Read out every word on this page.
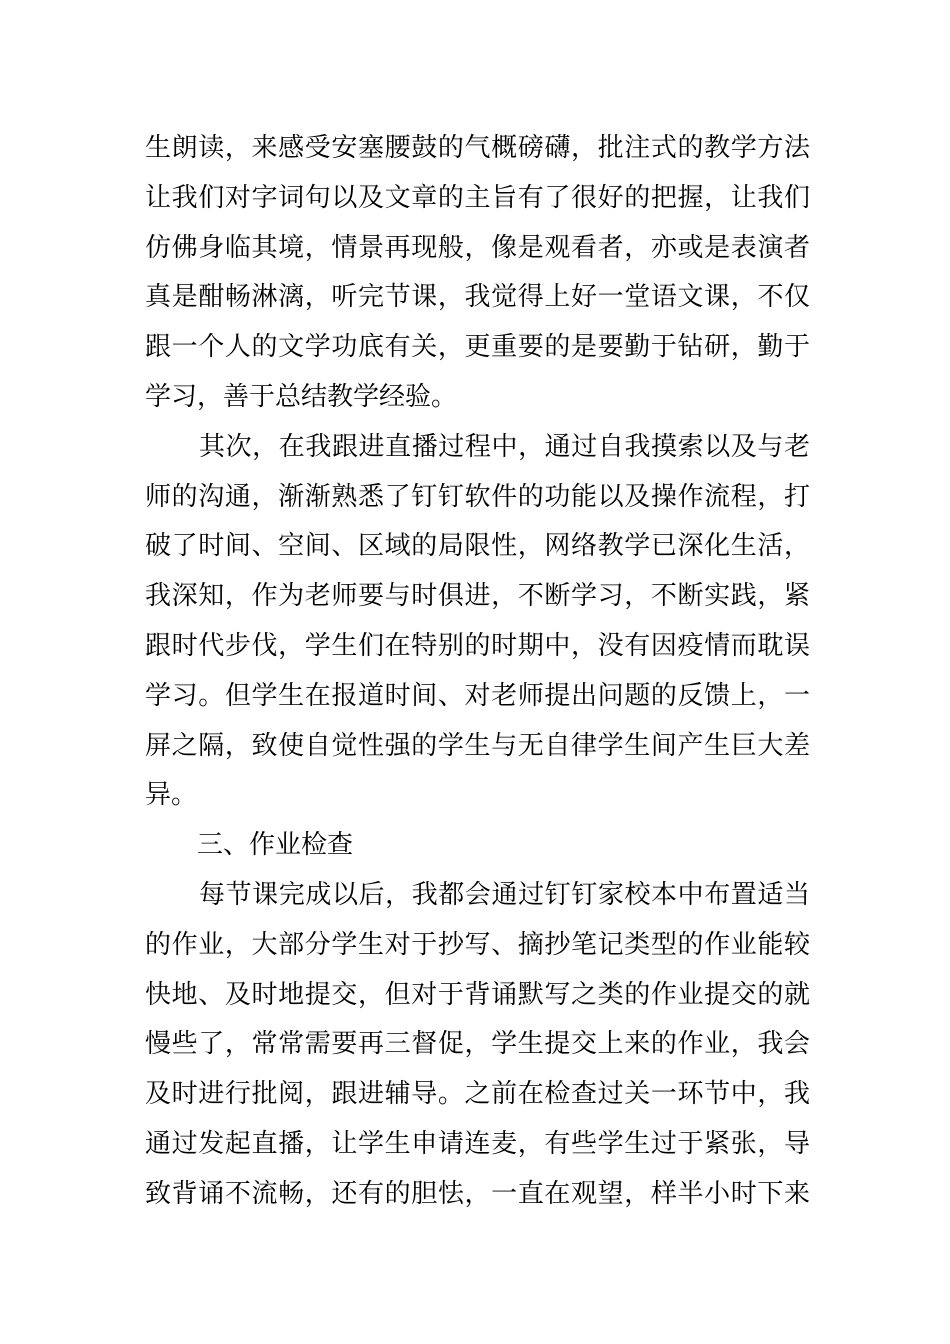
生朗读，来感受安塞腰鼓的气概磅礴，批注式的教学方法
让我们对字词句以及文章的主旨有了很好的把握，让我们
仿佛身临其境，情景再现般，像是观看者，亦或是表演者
真是酣畅淋漓，听完节课，我觉得上好一堂语文课，不仅
跟一个人的文学功底有关，更重要的是要勤于钻研，勤于
学习，善于总结教学经验。
其次，在我跟进直播过程中，通过自我摸索以及与老
师的沟通，渐渐熟悉了钉钉软件的功能以及操作流程，打
破了时间、空间、区域的局限性，网络教学已深化生活，
我深知，作为老师要与时俱进，不断学习，不断实践，紧
跟时代步伐，学生们在特别的时期中，没有因疫情而耽误
学习。但学生在报道时间、对老师提出问题的反馈上，一
屏之隔，致使自觉性强的学生与无自律学生间产生巨大差
异。
三、作业检查
每节课完成以后，我都会通过钉钉家校本中布置适当
的作业，大部分学生对于抄写、摘抄笔记类型的作业能较
快地、及时地提交，但对于背诵默写之类的作业提交的就
慢些了，常常需要再三督促，学生提交上来的作业，我会
及时进行批阅，跟进辅导。之前在检查过关一环节中，我
通过发起直播，让学生申请连麦，有些学生过于紧张，导
致背诵不流畅，还有的胆怯，一直在观望，样半小时下来
